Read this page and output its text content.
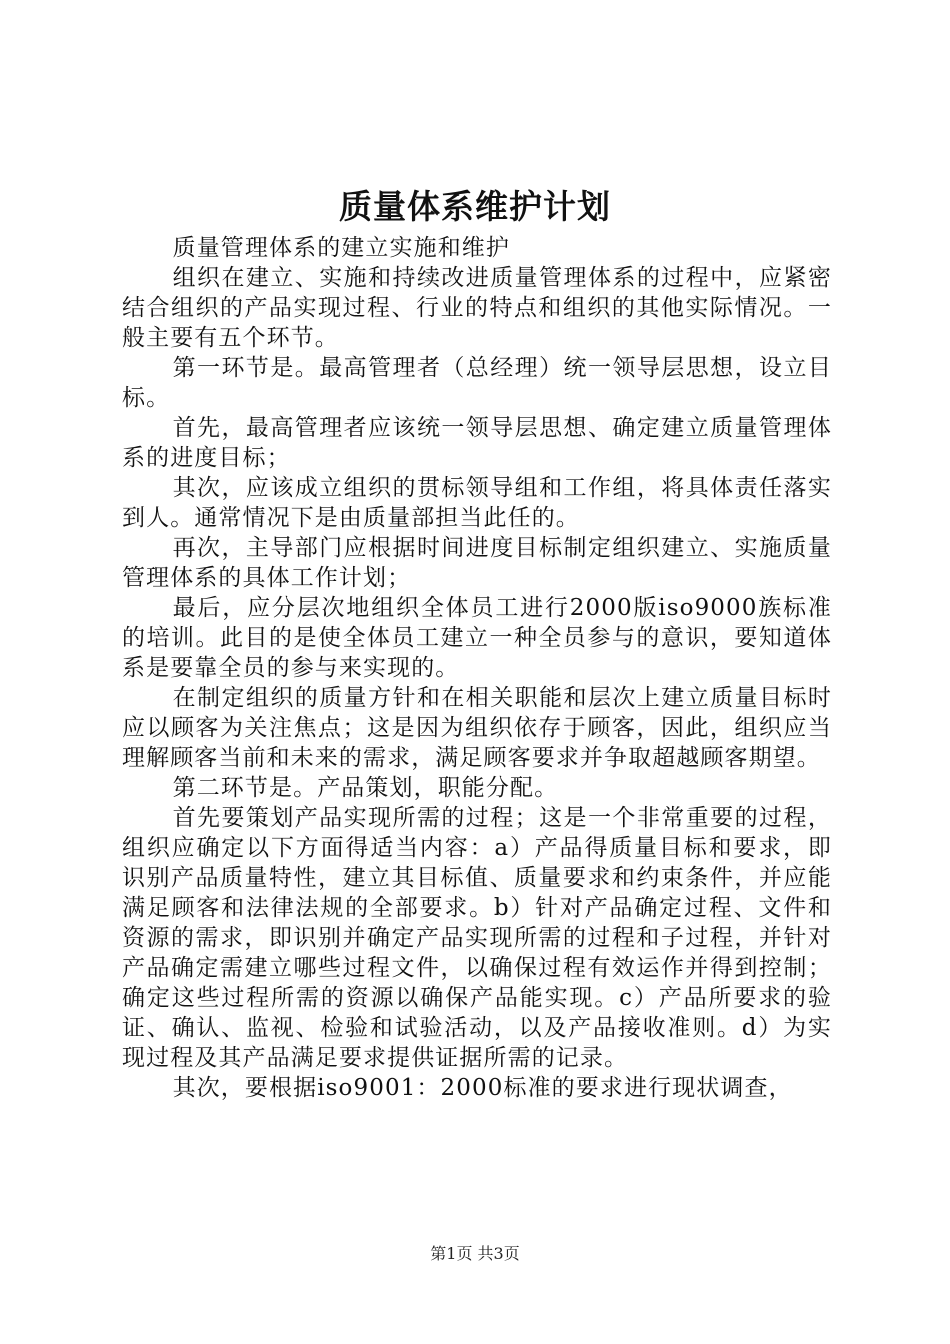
质量体系维护计划

质量管理体系的建立实施和维护

组织在建立、实施和持续改进质量管理体系的过程中，应紧密结合组织的产品实现过程、行业的特点和组织的其他实际情况。一般主要有五个环节。

第一环节是。最高管理者（总经理）统一领导层思想，设立目标。

首先，最高管理者应该统一领导层思想、确定建立质量管理体系的进度目标；

其次，应该成立组织的贯标领导组和工作组，将具体责任落实到人。通常情况下是由质量部担当此任的。

再次，主导部门应根据时间进度目标制定组织建立、实施质量管理体系的具体工作计划；

最后，应分层次地组织全体员工进行2000版iso9000族标准的培训。此目的是使全体员工建立一种全员参与的意识，要知道体系是要靠全员的参与来实现的。

在制定组织的质量方针和在相关职能和层次上建立质量目标时应以顾客为关注焦点；这是因为组织依存于顾客，因此，组织应当理解顾客当前和未来的需求，满足顾客要求并争取超越顾客期望。

第二环节是。产品策划，职能分配。

首先要策划产品实现所需的过程；这是一个非常重要的过程，组织应确定以下方面得适当内容：a）产品得质量目标和要求，即识别产品质量特性，建立其目标值、质量要求和约束条件，并应能满足顾客和法律法规的全部要求。b）针对产品确定过程、文件和资源的需求，即识别并确定产品实现所需的过程和子过程，并针对产品确定需建立哪些过程文件，以确保过程有效运作并得到控制；确定这些过程所需的资源以确保产品能实现。c）产品所要求的验证、确认、监视、检验和试验活动，以及产品接收准则。d）为实现过程及其产品满足要求提供证据所需的记录。

其次，要根据iso9001：2000标准的要求进行现状调查，

第1页 共3页
